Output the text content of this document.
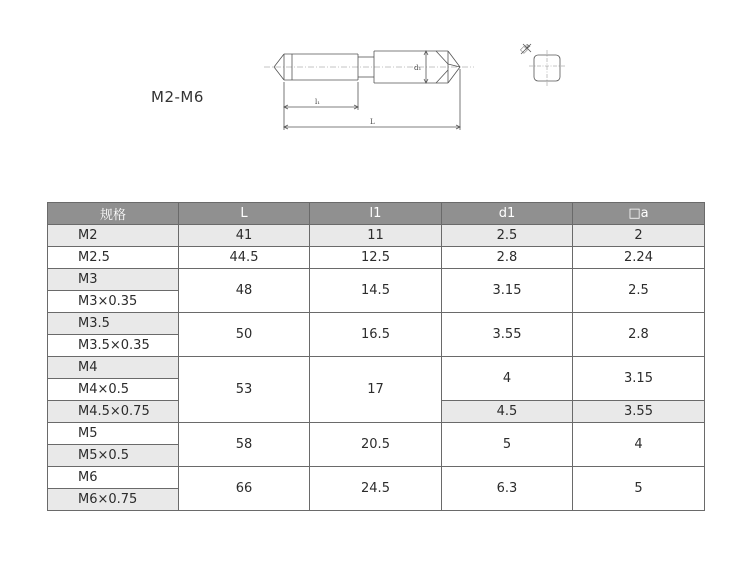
M2-M6	l₁
L
d₁
□a
规格	L	l1	d1	□a
M2	41	11	2.5	2
M2.5	44.5	12.5	2.8	2.24
M3	48	14.5	3.15	2.5
M3×0.35				
M3.5	50	16.5	3.55	2.8
M3.5×0.35				
M4	53	17	4	3.15
M4×0.5				
M4.5×0.75			4.5	3.55
M5	58	20.5	5	4
M5×0.5				
M6	66	24.5	6.3	5
M6×0.75				
